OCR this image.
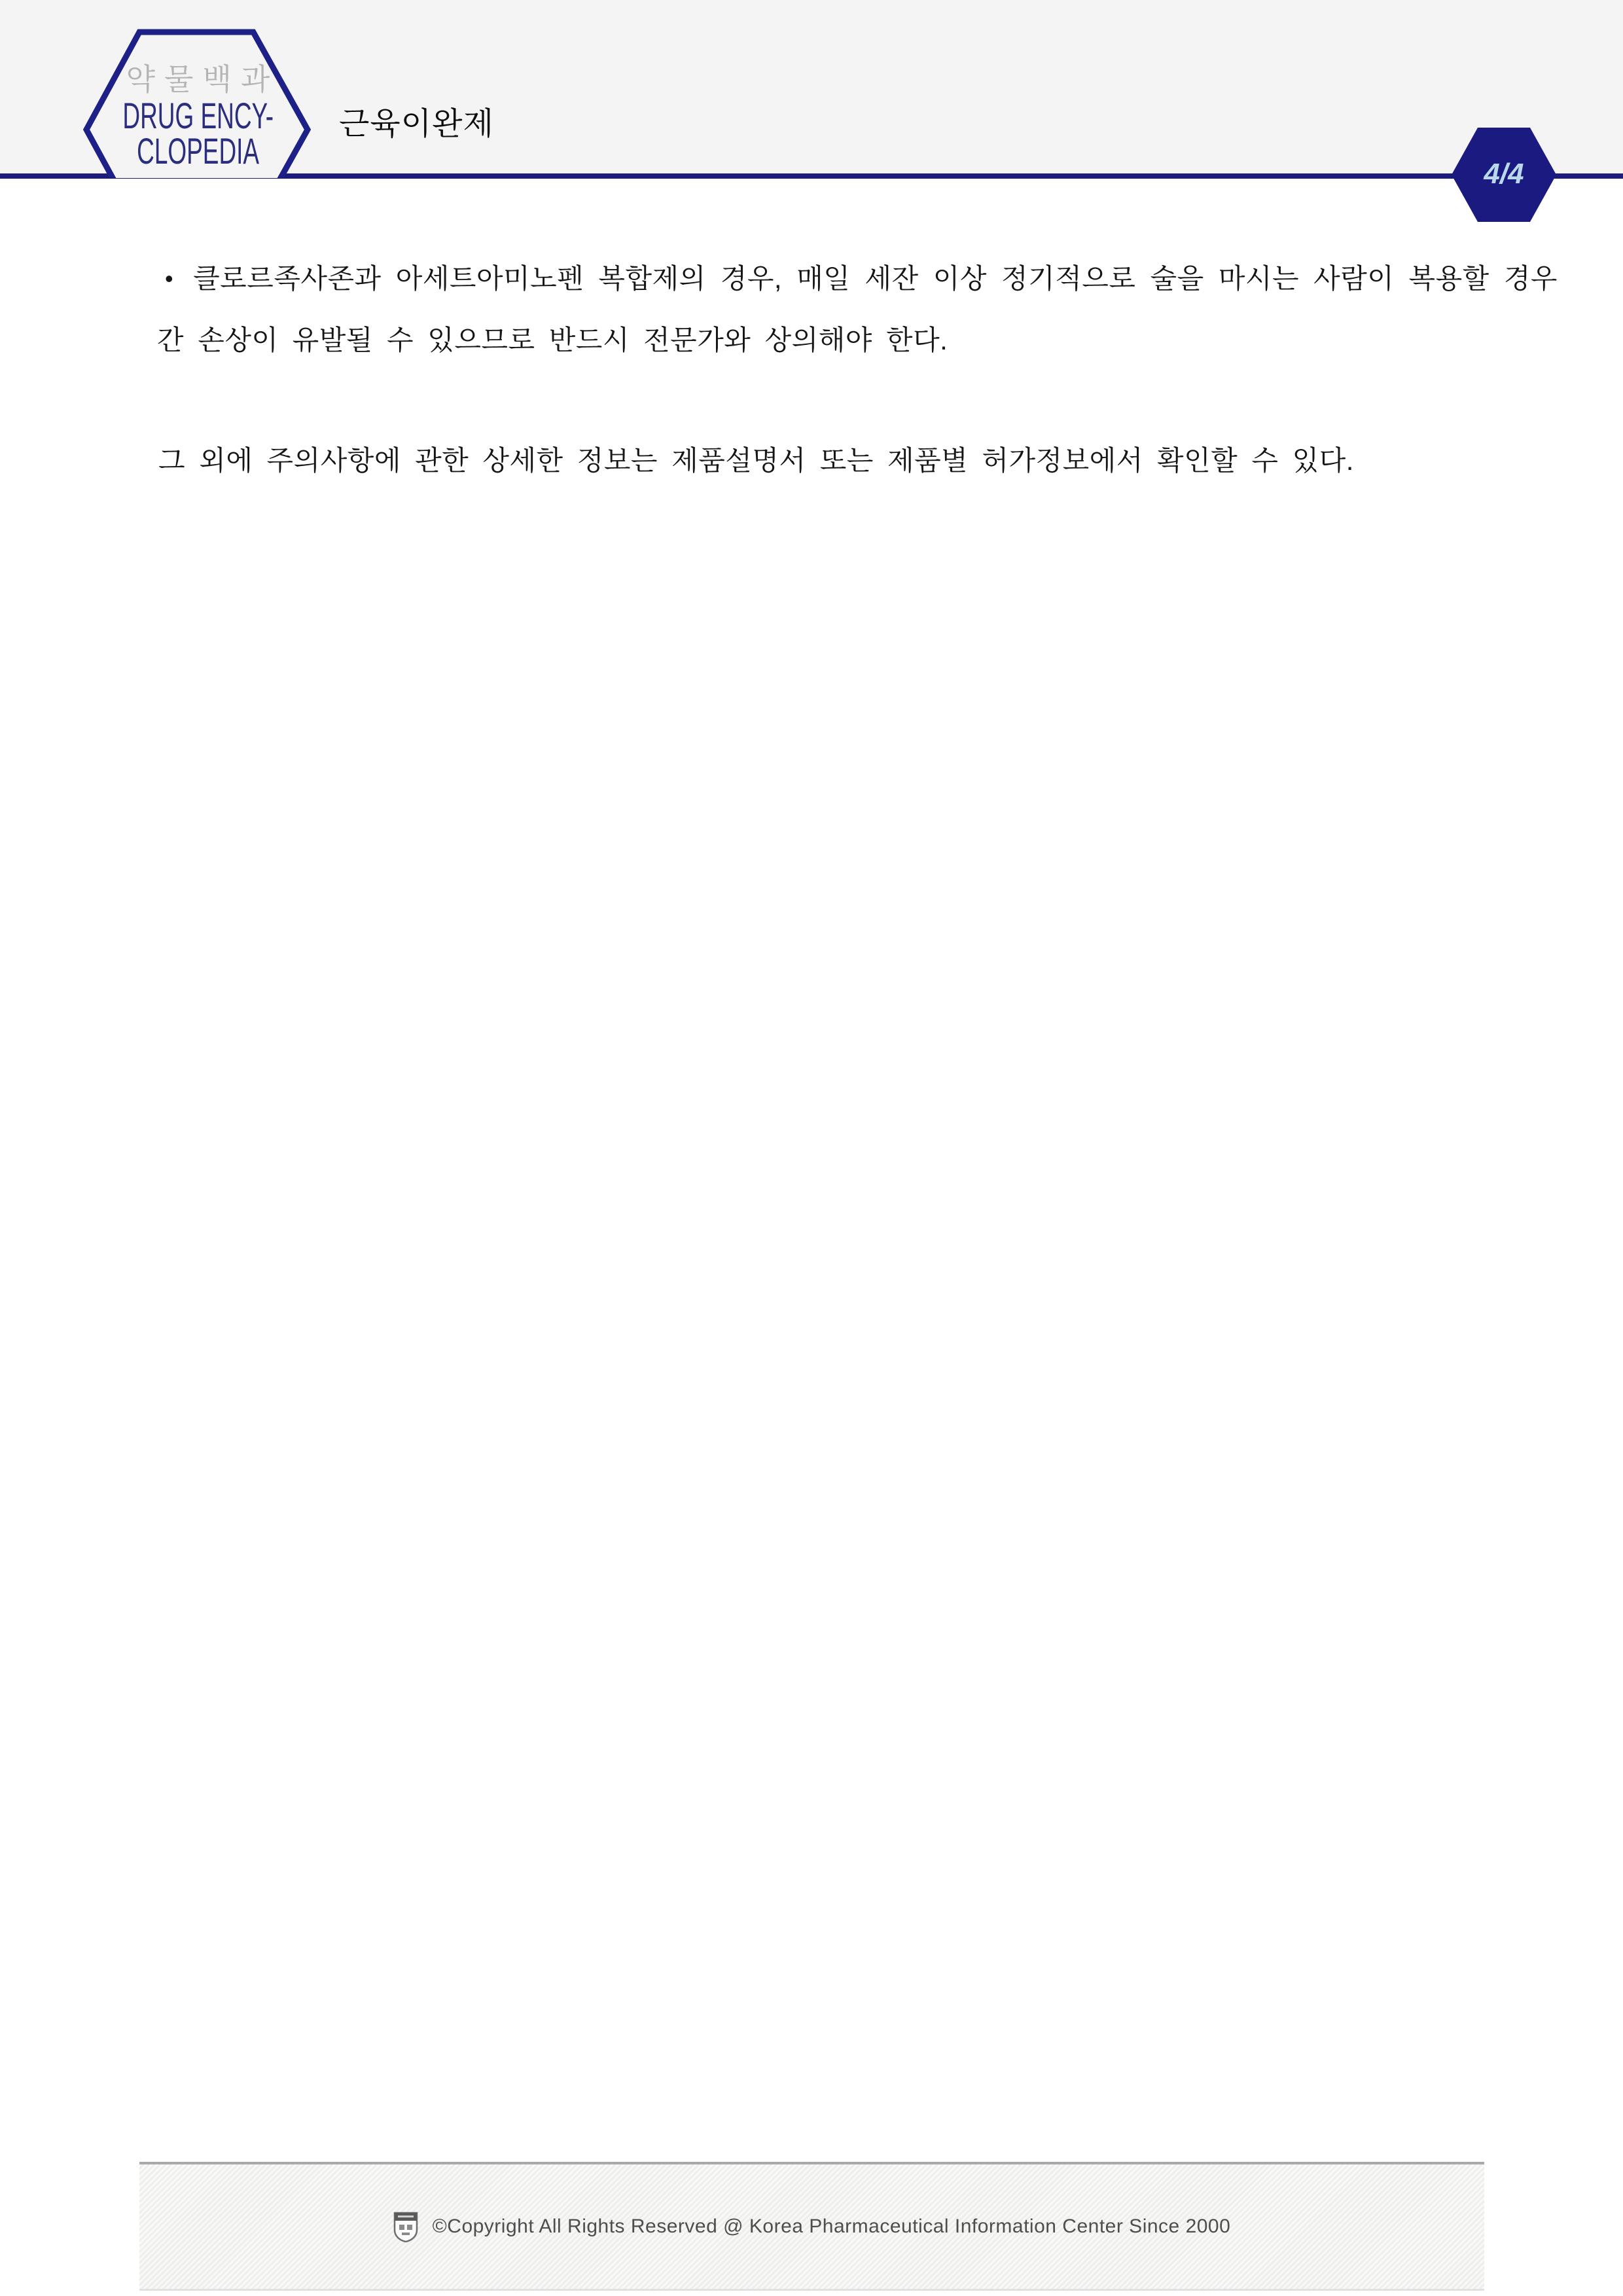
약물백과
DRUG ENCY-
CLOPEDIA
근육이완제
4/4

• 클로르족사존과 아세트아미노펜 복합제의 경우, 매일 세잔 이상 정기적으로 술을 마시는 사람이 복용할 경우 간 손상이 유발될 수 있으므로 반드시 전문가와 상의해야 한다.

그 외에 주의사항에 관한 상세한 정보는 제품설명서 또는 제품별 허가정보에서 확인할 수 있다.

©Copyright All Rights Reserved @ Korea Pharmaceutical Information Center Since 2000
